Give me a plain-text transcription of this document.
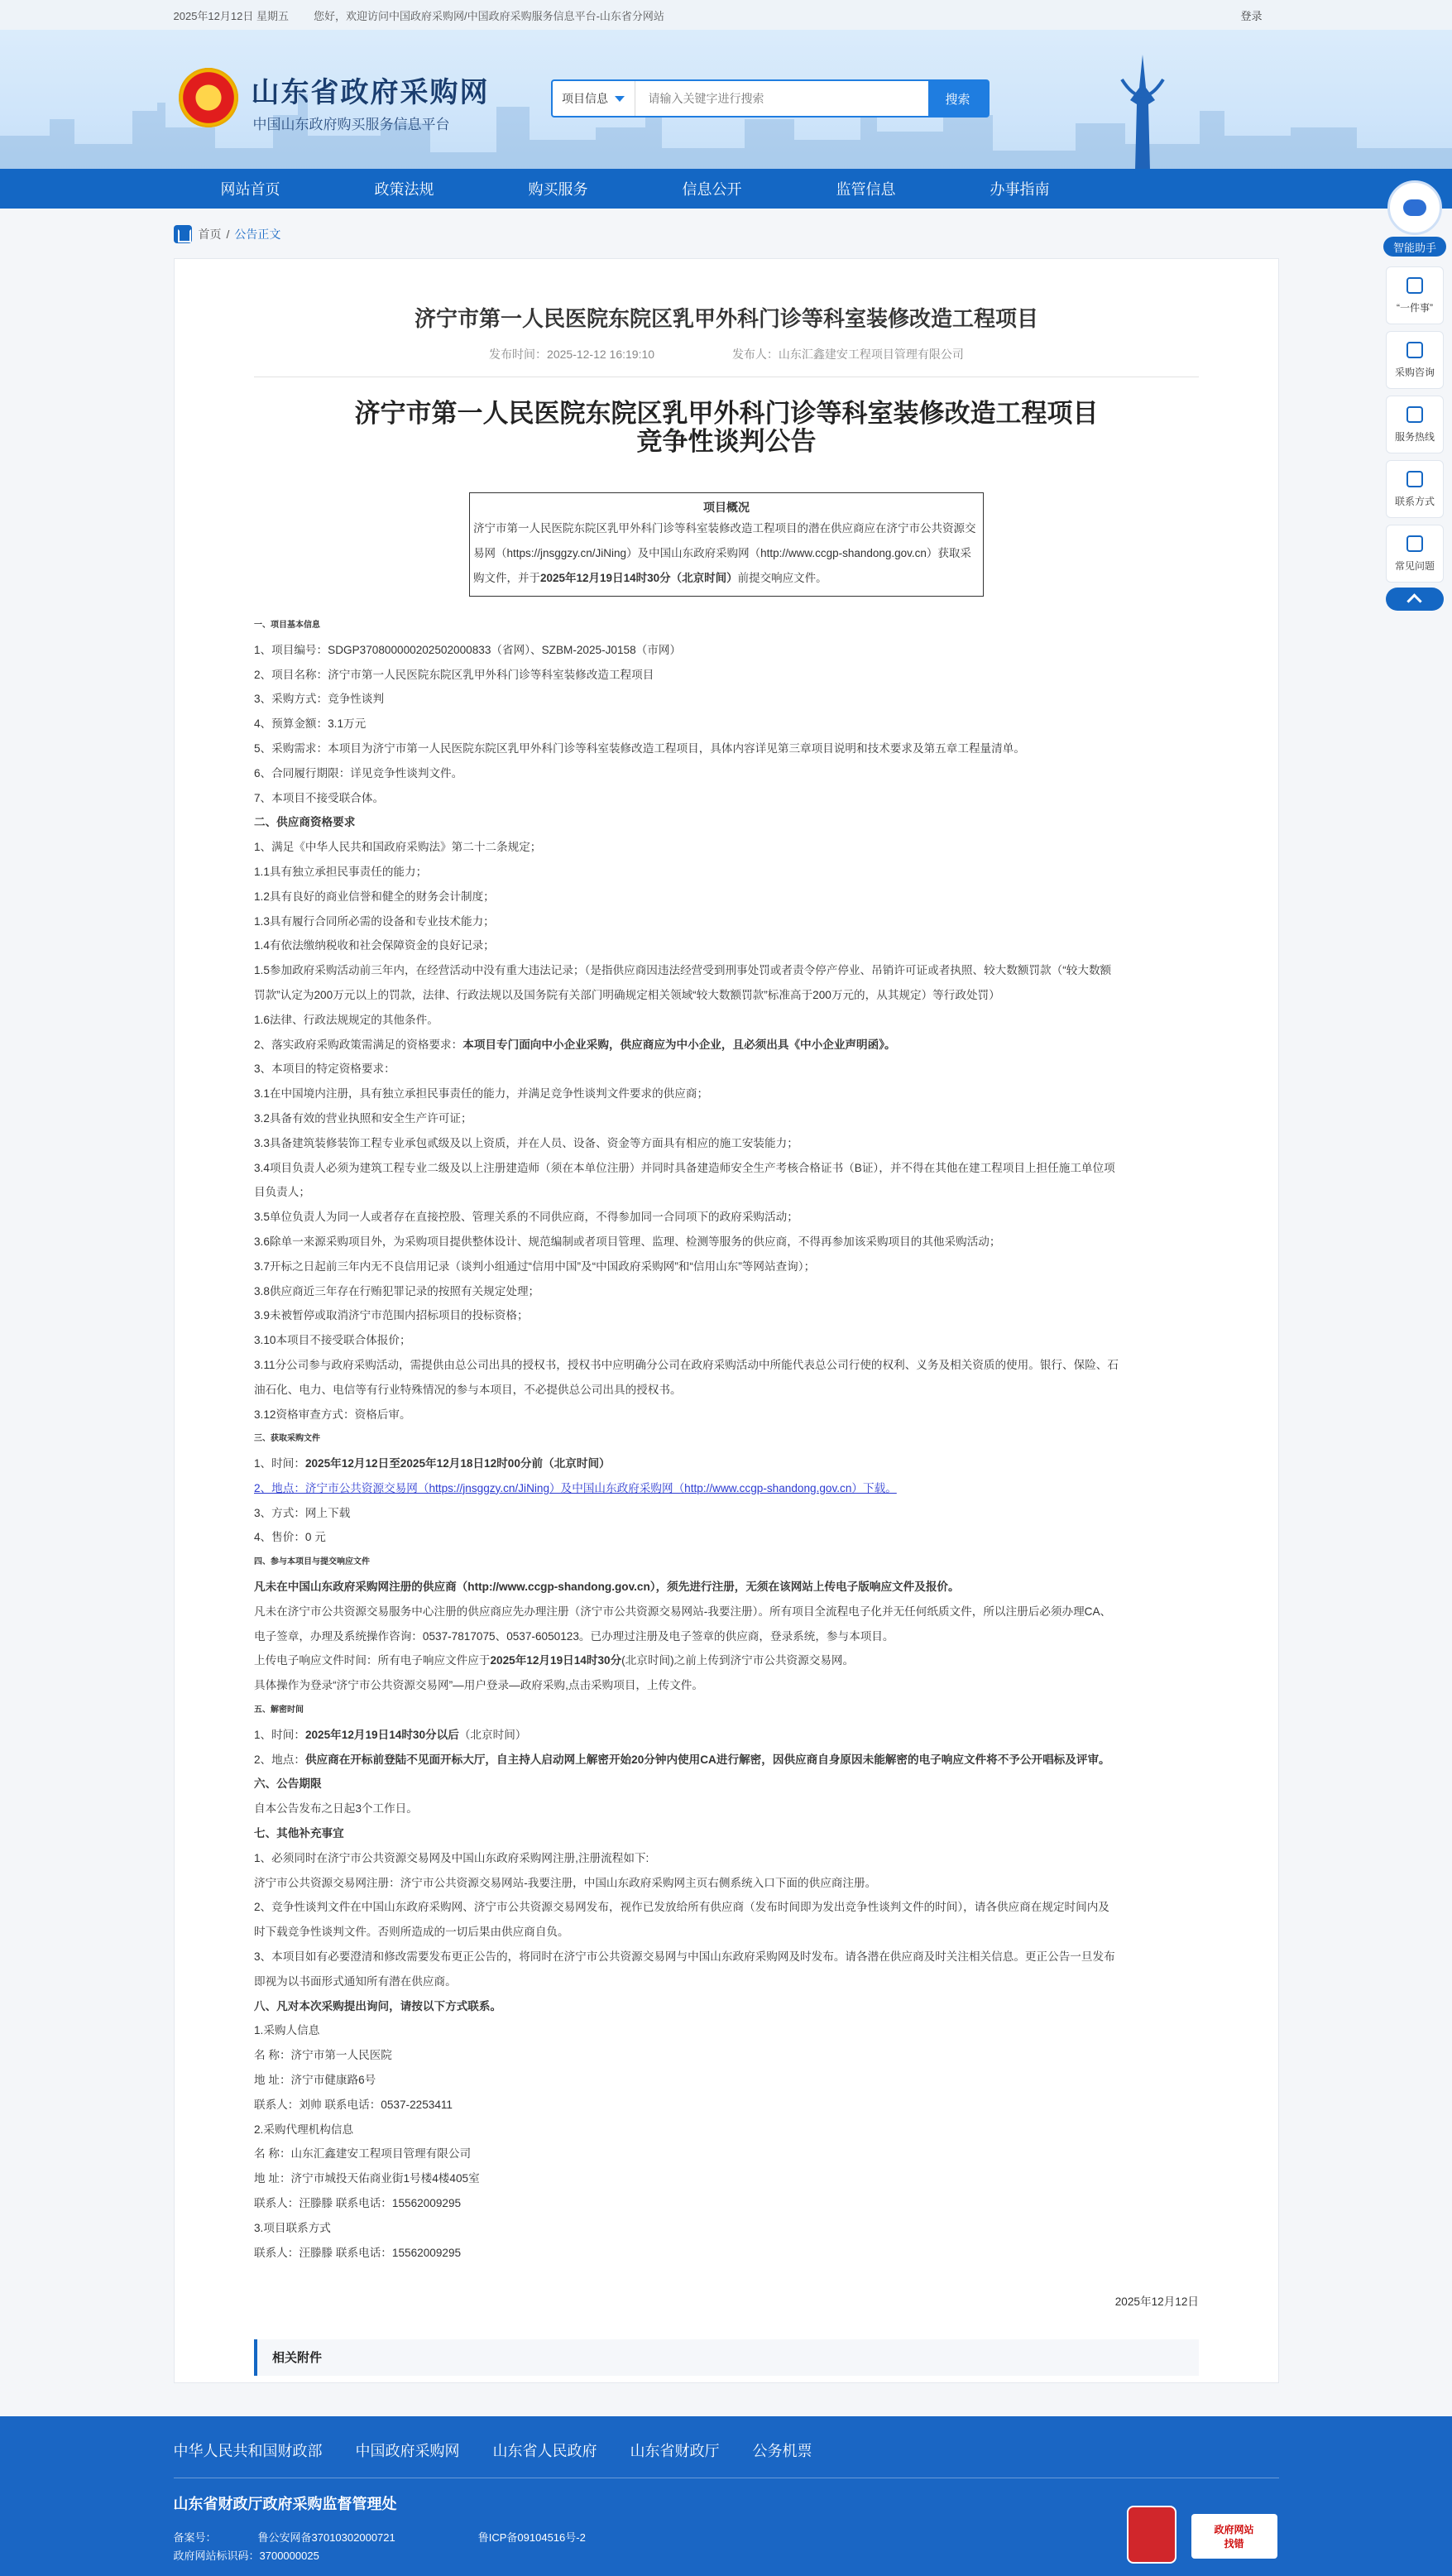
2025年12月12日 星期五 您好，欢迎访问中国政府采购网/中国政府采购服务信息平台-山东省分网站	登录
山东省政府采购网
中国山东政府购买服务信息平台
项目信息
请输入关键字进行搜索	搜索
网站首页	政策法规	购买服务	信息公开	监管信息	办事指南
首页 / 公告正文
济宁市第一人民医院东院区乳甲外科门诊等科室装修改造工程项目
发布时间：2025-12-12 16:19:10	发布人：山东汇鑫建安工程项目管理有限公司
济宁市第一人民医院东院区乳甲外科门诊等科室装修改造工程项目
竞争性谈判公告
项目概况

济宁市第一人民医院东院区乳甲外科门诊等科室装修改造工程项目的潜在供应商应在济宁市公共资源交易网（https://jnsggzy.cn/JiNing）及中国山东政府采购网（http://www.ccgp-shandong.gov.cn）获取采购文件，并于2025年12月19日14时30分（北京时间）前提交响应文件。

一、项目基本信息

1、项目编号：SDGP370800000202502000833（省网）、SZBM-2025-J0158（市网）

2、项目名称：济宁市第一人民医院东院区乳甲外科门诊等科室装修改造工程项目

3、采购方式：竞争性谈判

4、预算金额：3.1万元

5、采购需求：本项目为济宁市第一人民医院东院区乳甲外科门诊等科室装修改造工程项目，具体内容详见第三章项目说明和技术要求及第五章工程量清单。

6、合同履行期限：详见竞争性谈判文件。

7、本项目不接受联合体。

二、供应商资格要求

1、满足《中华人民共和国政府采购法》第二十二条规定；

1.1具有独立承担民事责任的能力；

1.2具有良好的商业信誉和健全的财务会计制度；

1.3具有履行合同所必需的设备和专业技术能力；

1.4有依法缴纳税收和社会保障资金的良好记录；

1.5参加政府采购活动前三年内，在经营活动中没有重大违法记录；（是指供应商因违法经营受到刑事处罚或者责令停产停业、吊销许可证或者执照、较大数额罚款（“较大数额

罚款”认定为200万元以上的罚款，法律、行政法规以及国务院有关部门明确规定相关领域“较大数额罚款”标准高于200万元的，从其规定）等行政处罚）

1.6法律、行政法规规定的其他条件。

2、落实政府采购政策需满足的资格要求：本项目专门面向中小企业采购，供应商应为中小企业，且必须出具《中小企业声明函》。

3、本项目的特定资格要求：

3.1在中国境内注册，具有独立承担民事责任的能力，并满足竞争性谈判文件要求的供应商；

3.2具备有效的营业执照和安全生产许可证；

3.3具备建筑装修装饰工程专业承包贰级及以上资质，并在人员、设备、资金等方面具有相应的施工安装能力；

3.4项目负责人必须为建筑工程专业二级及以上注册建造师（须在本单位注册）并同时具备建造师安全生产考核合格证书（B证），并不得在其他在建工程项目上担任施工单位项

目负责人；

3.5单位负责人为同一人或者存在直接控股、管理关系的不同供应商，不得参加同一合同项下的政府采购活动；

3.6除单一来源采购项目外，为采购项目提供整体设计、规范编制或者项目管理、监理、检测等服务的供应商，不得再参加该采购项目的其他采购活动；

3.7开标之日起前三年内无不良信用记录（谈判小组通过“信用中国”及“中国政府采购网”和“信用山东”等网站查询）；

3.8供应商近三年存在行贿犯罪记录的按照有关规定处理；

3.9未被暂停或取消济宁市范围内招标项目的投标资格；

3.10本项目不接受联合体报价；

3.11分公司参与政府采购活动，需提供由总公司出具的授权书，授权书中应明确分公司在政府采购活动中所能代表总公司行使的权利、义务及相关资质的使用。银行、保险、石

油石化、电力、电信等有行业特殊情况的参与本项目，不必提供总公司出具的授权书。

3.12资格审查方式：资格后审。

三、获取采购文件

1、时间：2025年12月12日至2025年12月18日12时00分前（北京时间）

2、地点：济宁市公共资源交易网（https://jnsggzy.cn/JiNing）及中国山东政府采购网（http://www.ccgp-shandong.gov.cn）下载。

3、方式：网上下载

4、售价：0 元

四、参与本项目与提交响应文件

凡未在中国山东政府采购网注册的供应商（http://www.ccgp-shandong.gov.cn），须先进行注册，无须在该网站上传电子版响应文件及报价。

凡未在济宁市公共资源交易服务中心注册的供应商应先办理注册（济宁市公共资源交易网站-我要注册）。所有项目全流程电子化并无任何纸质文件，所以注册后必须办理CA、

电子签章，办理及系统操作咨询：0537-7817075、0537-6050123。已办理过注册及电子签章的供应商，登录系统，参与本项目。

上传电子响应文件时间：所有电子响应文件应于2025年12月19日14时30分(北京时间)之前上传到济宁市公共资源交易网。

具体操作为登录“济宁市公共资源交易网”—用户登录—政府采购,点击采购项目，上传文件。

五、解密时间

1、时间：2025年12月19日14时30分以后（北京时间）

2、地点：供应商在开标前登陆不见面开标大厅，自主持人启动网上解密开始20分钟内使用CA进行解密，因供应商自身原因未能解密的电子响应文件将不予公开唱标及评审。

六、公告期限

自本公告发布之日起3个工作日。

七、其他补充事宜

1、必须同时在济宁市公共资源交易网及中国山东政府采购网注册,注册流程如下:

济宁市公共资源交易网注册：济宁市公共资源交易网站-我要注册，中国山东政府采购网主页右侧系统入口下面的供应商注册。

2、竞争性谈判文件在中国山东政府采购网、济宁市公共资源交易网发布，视作已发放给所有供应商（发布时间即为发出竞争性谈判文件的时间），请各供应商在规定时间内及

时下载竞争性谈判文件。否则所造成的一切后果由供应商自负。

3、本项目如有必要澄清和修改需要发布更正公告的，将同时在济宁市公共资源交易网与中国山东政府采购网及时发布。请各潜在供应商及时关注相关信息。更正公告一旦发布

即视为以书面形式通知所有潜在供应商。

八、凡对本次采购提出询问，请按以下方式联系。

1.采购人信息

名 称：济宁市第一人民医院

地 址：济宁市健康路6号

联系人：刘帅 联系电话：0537-2253411

2.采购代理机构信息

名 称：山东汇鑫建安工程项目管理有限公司

地 址：济宁市城投天佑商业街1号楼4楼405室

联系人：汪滕滕 联系电话：15562009295

3.项目联系方式

联系人：汪滕滕 联系电话：15562009295

2025年12月12日

相关附件
智能助手
“一件事”
采购咨询
服务热线
联系方式
常见问题
中华人民共和国财政部 中国政府采购网 山东省人民政府 山东省财政厅 公务机票
山东省财政厅政府采购监督管理处
备案号：	鲁公安网备37010302000721	鲁ICP备09104516号-2
政府网站标识码：3700000025
政府网站
找错
